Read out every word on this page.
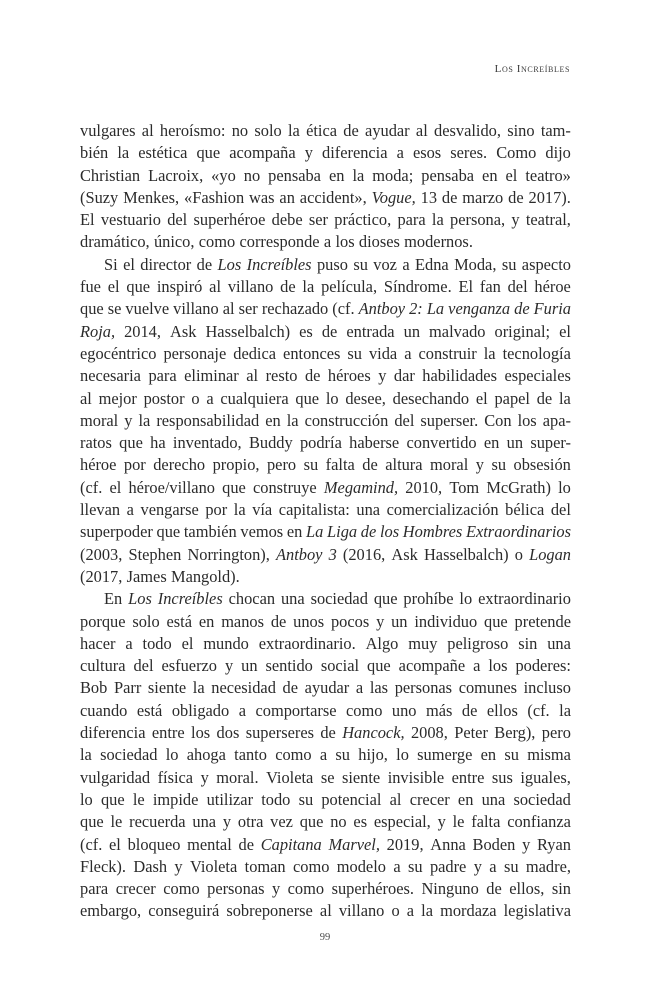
Los Increíbles
vulgares al heroísmo: no solo la ética de ayudar al desvalido, sino tam-
bién la estética que acompaña y diferencia a esos seres. Como dijo
Christian Lacroix, «yo no pensaba en la moda; pensaba en el teatro»
(Suzy Menkes, «Fashion was an accident», Vogue, 13 de marzo de 2017).
El vestuario del superhéroe debe ser práctico, para la persona, y teatral,
dramático, único, como corresponde a los dioses modernos.
Si el director de Los Increíbles puso su voz a Edna Moda, su aspecto
fue el que inspiró al villano de la película, Síndrome. El fan del héroe
que se vuelve villano al ser rechazado (cf. Antboy 2: La venganza de Furia
Roja, 2014, Ask Hasselbalch) es de entrada un malvado original; el
egocéntrico personaje dedica entonces su vida a construir la tecnología
necesaria para eliminar al resto de héroes y dar habilidades especiales
al mejor postor o a cualquiera que lo desee, desechando el papel de la
moral y la responsabilidad en la construcción del superser. Con los apa-
ratos que ha inventado, Buddy podría haberse convertido en un super-
héroe por derecho propio, pero su falta de altura moral y su obsesión
(cf. el héroe/villano que construye Megamind, 2010, Tom McGrath) lo
llevan a vengarse por la vía capitalista: una comercialización bélica del
superpoder que también vemos en La Liga de los Hombres Extraordinarios
(2003, Stephen Norrington), Antboy 3 (2016, Ask Hasselbalch) o Logan
(2017, James Mangold).
En Los Increíbles chocan una sociedad que prohíbe lo extraordinario
porque solo está en manos de unos pocos y un individuo que pretende
hacer a todo el mundo extraordinario. Algo muy peligroso sin una
cultura del esfuerzo y un sentido social que acompañe a los poderes:
Bob Parr siente la necesidad de ayudar a las personas comunes incluso
cuando está obligado a comportarse como uno más de ellos (cf. la
diferencia entre los dos superseres de Hancock, 2008, Peter Berg), pero
la sociedad lo ahoga tanto como a su hijo, lo sumerge en su misma
vulgaridad física y moral. Violeta se siente invisible entre sus iguales,
lo que le impide utilizar todo su potencial al crecer en una sociedad
que le recuerda una y otra vez que no es especial, y le falta confianza
(cf. el bloqueo mental de Capitana Marvel, 2019, Anna Boden y Ryan
Fleck). Dash y Violeta toman como modelo a su padre y a su madre,
para crecer como personas y como superhéroes. Ninguno de ellos, sin
embargo, conseguirá sobreponerse al villano o a la mordaza legislativa
99
